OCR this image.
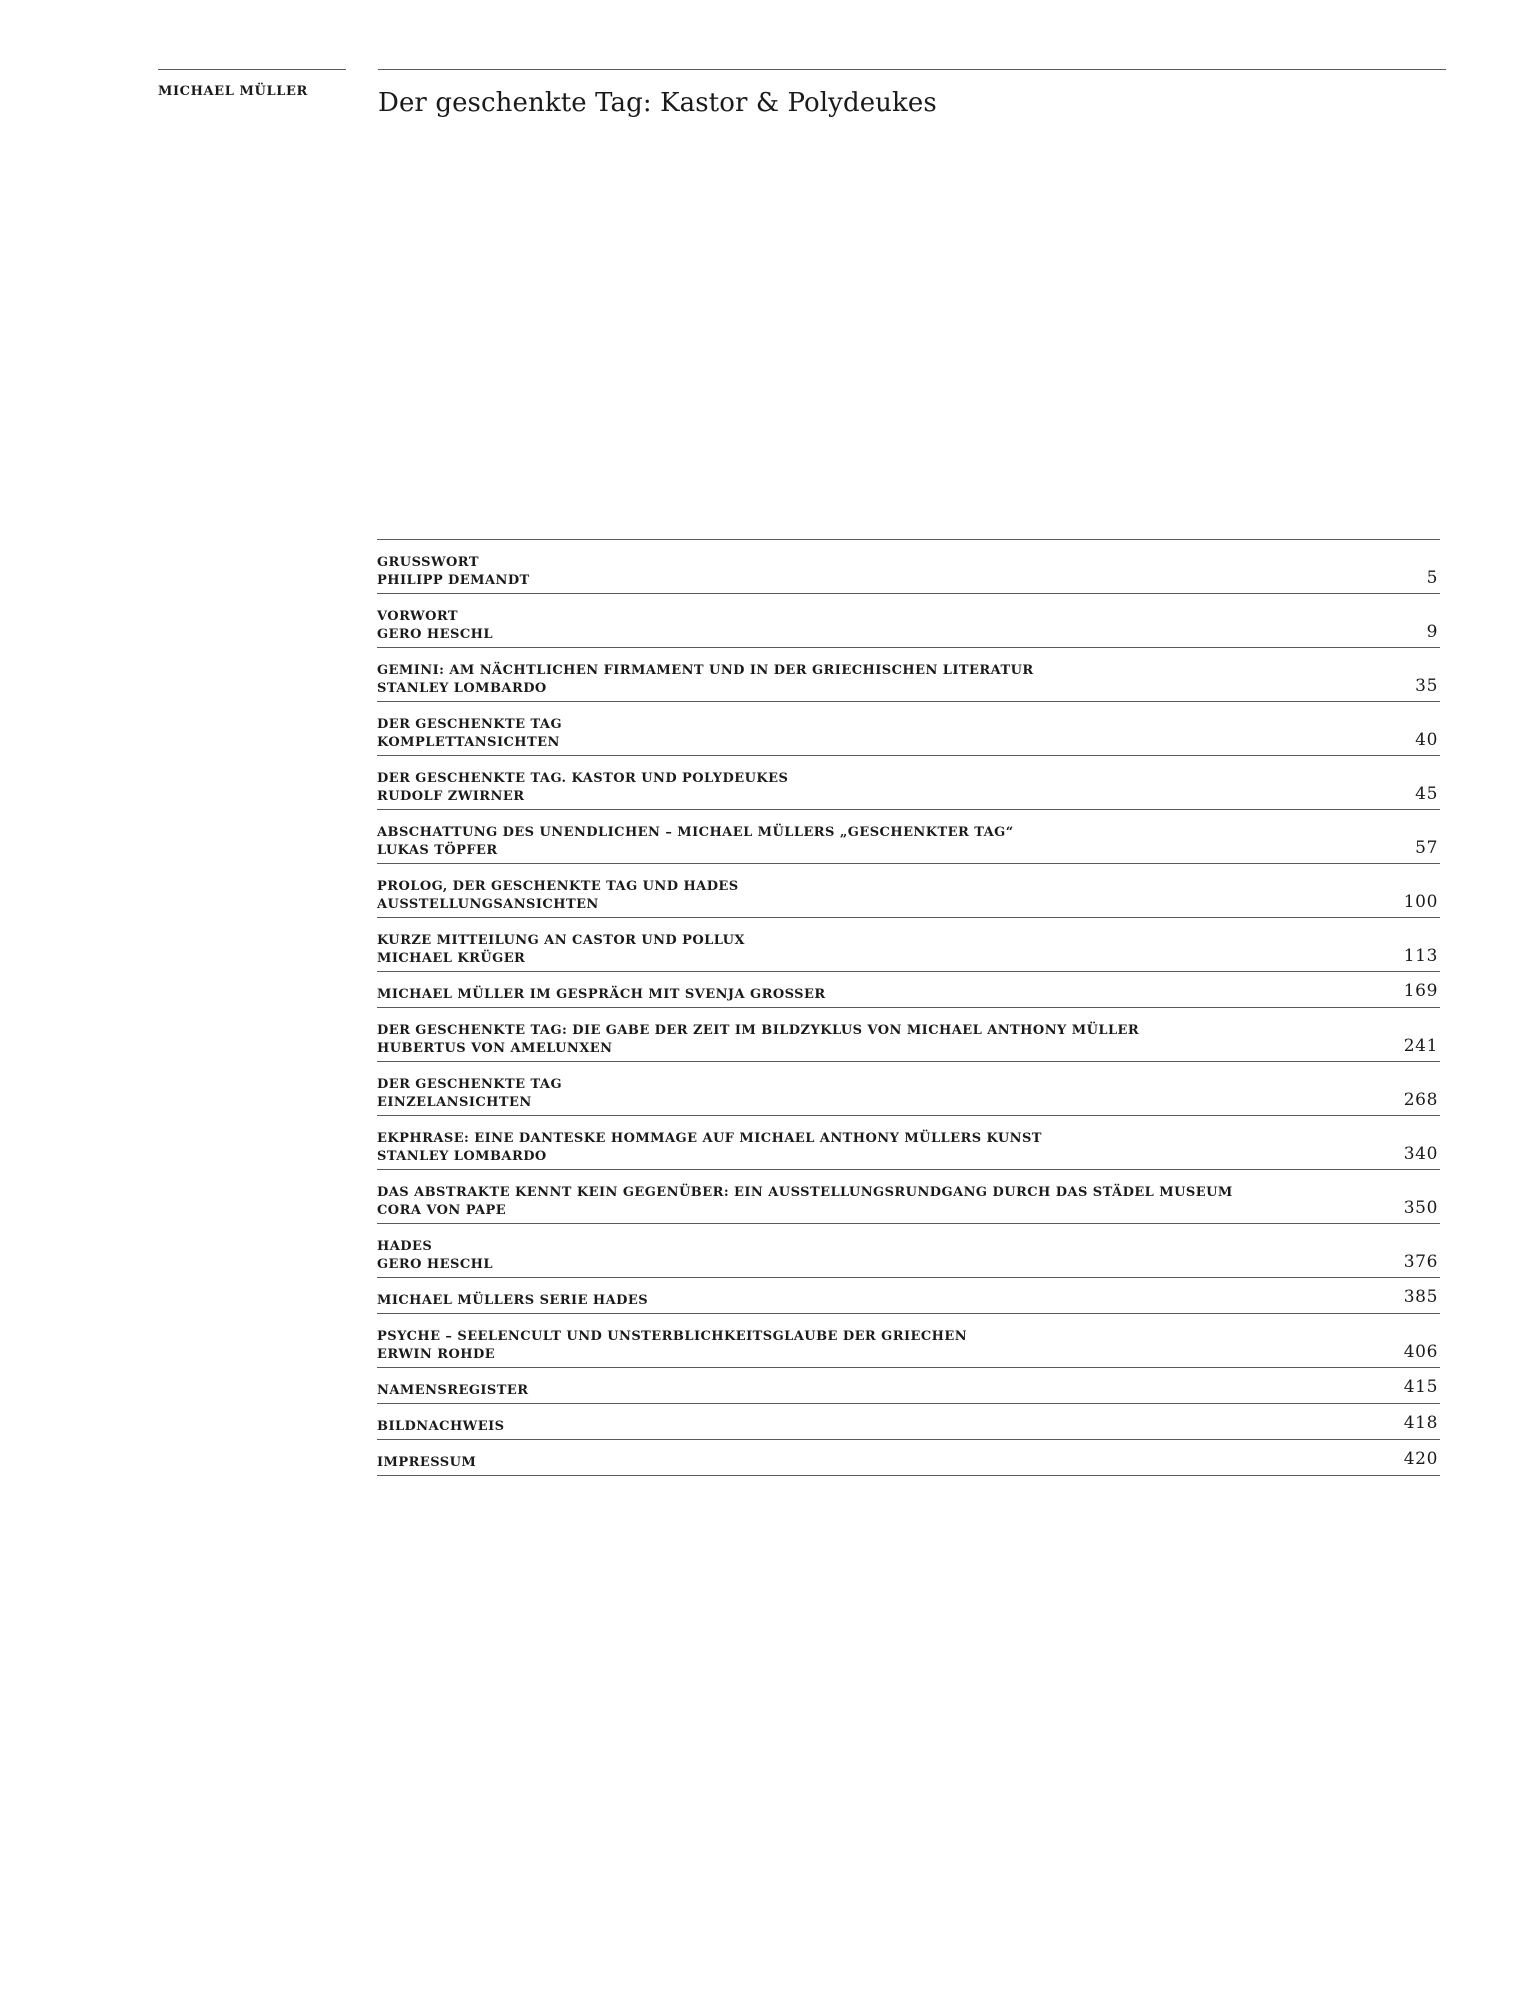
MICHAEL MÜLLER	Der geschenkte Tag: Kastor & Polydeukes
GRUSSWORT
PHILIPP DEMANDT	5
VORWORT
GERO HESCHL	9
GEMINI: AM NÄCHTLICHEN FIRMAMENT UND IN DER GRIECHISCHEN LITERATUR
STANLEY LOMBARDO	35
DER GESCHENKTE TAG
KOMPLETTANSICHTEN	40
DER GESCHENKTE TAG. KASTOR UND POLYDEUKES
RUDOLF ZWIRNER	45
ABSCHATTUNG DES UNENDLICHEN – MICHAEL MÜLLERS „GESCHENKTER TAG“
LUKAS TÖPFER	57
PROLOG, DER GESCHENKTE TAG UND HADES
AUSSTELLUNGSANSICHTEN	100
KURZE MITTEILUNG AN CASTOR UND POLLUX
MICHAEL KRÜGER	113
MICHAEL MÜLLER IM GESPRÄCH MIT SVENJA GROSSER	169
DER GESCHENKTE TAG: DIE GABE DER ZEIT IM BILDZYKLUS VON MICHAEL ANTHONY MÜLLER
HUBERTUS VON AMELUNXEN	241
DER GESCHENKTE TAG
EINZELANSICHTEN	268
EKPHRASE: EINE DANTESKE HOMMAGE AUF MICHAEL ANTHONY MÜLLERS KUNST
STANLEY LOMBARDO	340
DAS ABSTRAKTE KENNT KEIN GEGENÜBER: EIN AUSSTELLUNGSRUNDGANG DURCH DAS STÄDEL MUSEUM
CORA VON PAPE	350
HADES
GERO HESCHL	376
MICHAEL MÜLLERS SERIE HADES	385
PSYCHE – SEELENCULT UND UNSTERBLICHKEITSGLAUBE DER GRIECHEN
ERWIN ROHDE	406
NAMENSREGISTER	415
BILDNACHWEIS	418
IMPRESSUM	420
